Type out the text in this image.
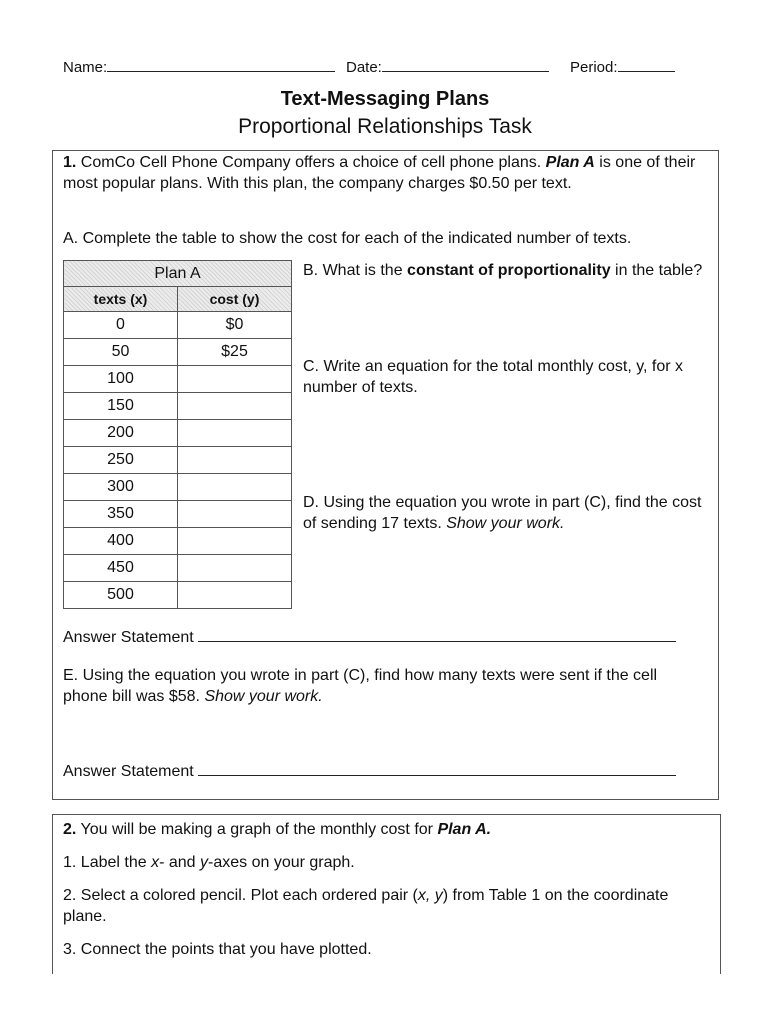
Name:	Date:	Period:
Text-Messaging Plans
Proportional Relationships Task
1. ComCo Cell Phone Company offers a choice of cell phone plans. Plan A is one of their most popular plans. With this plan, the company charges $0.50 per text.
A. Complete the table to show the cost for each of the indicated number of texts.
Plan A	
texts (x)	cost (y)
0	$0
50	$25
100	
150	
200	
250	
300	
350	
400	
450	
500	
B. What is the constant of proportionality in the table?
C. Write an equation for the total monthly cost, y, for x number of texts.
D. Using the equation you wrote in part (C), find the cost of sending 17 texts. Show your work.
Answer Statement
E. Using the equation you wrote in part (C), find how many texts were sent if the cell phone bill was $58. Show your work.
Answer Statement
2. You will be making a graph of the monthly cost for Plan A.
1. Label the x- and y-axes on your graph.
2. Select a colored pencil. Plot each ordered pair (x, y) from Table 1 on the coordinate plane.
3. Connect the points that you have plotted.
